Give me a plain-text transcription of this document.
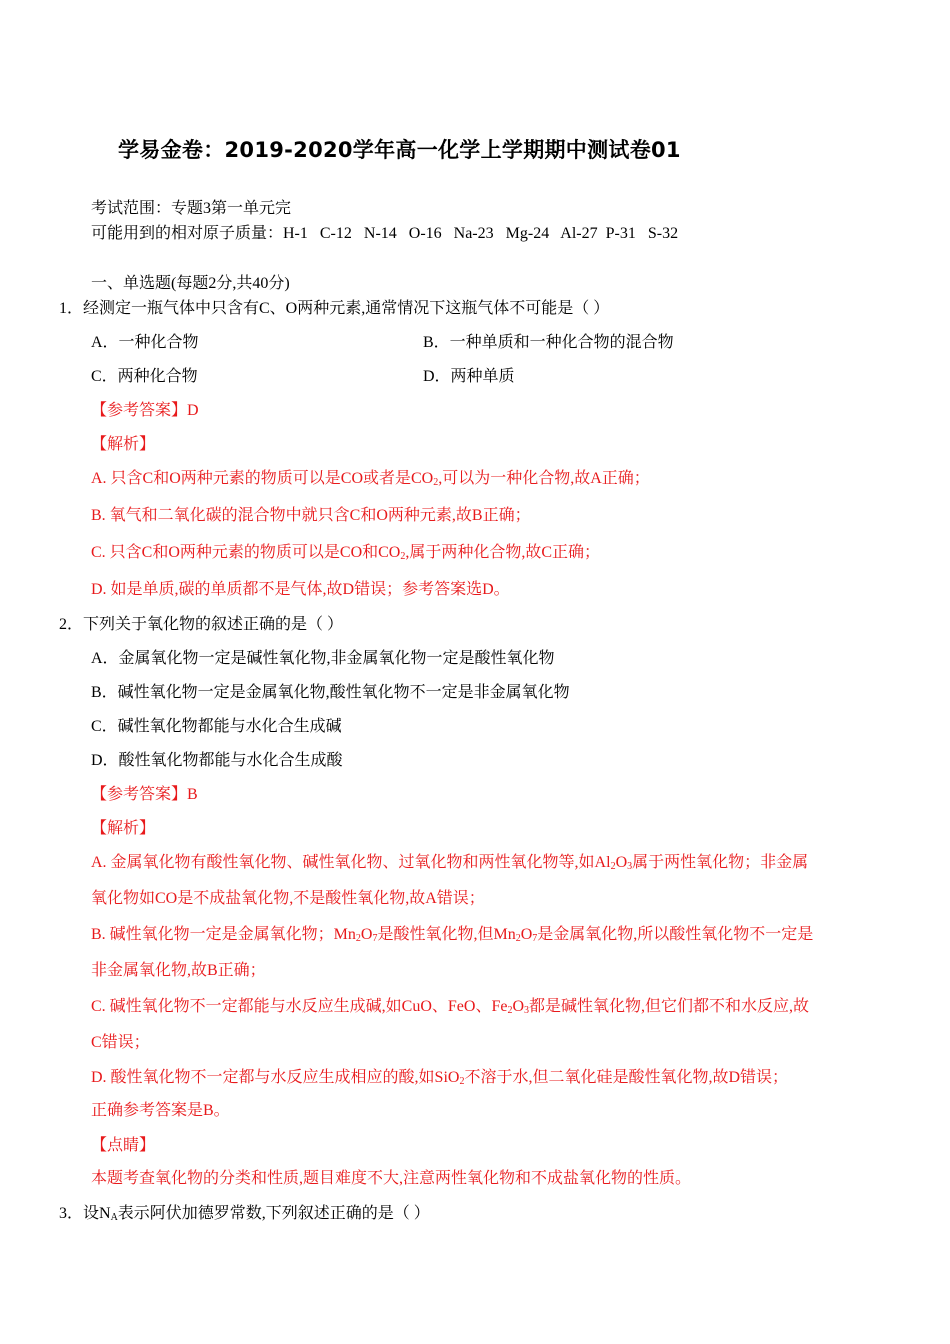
学易金卷：2019-2020学年高一化学上学期期中测试卷01
考试范围：专题3第一单元完
可能用到的相对原子质量：H-1   C-12   N-14   O-16   Na-23   Mg-24   Al-27  P-31   S-32
一、单选题(每题2分,共40分)
1．经测定一瓶气体中只含有C、O两种元素,通常情况下这瓶气体不可能是（ ）
A．一种化合物	B．一种单质和一种化合物的混合物
C．两种化合物	D．两种单质
【参考答案】D
【解析】
A. 只含C和O两种元素的物质可以是CO或者是$CO_2$,可以为一种化合物,故A正确；
B. 氧气和二氧化碳的混合物中就只含C和O两种元素,故B正确；
C. 只含C和O两种元素的物质可以是CO和$CO_2$,属于两种化合物,故C正确；
D. 如是单质,碳的单质都不是气体,故D错误；参考答案选D。
2．下列关于氧化物的叙述正确的是（ ）
A．金属氧化物一定是碱性氧化物,非金属氧化物一定是酸性氧化物
B．碱性氧化物一定是金属氧化物,酸性氧化物不一定是非金属氧化物
C．碱性氧化物都能与水化合生成碱
D．酸性氧化物都能与水化合生成酸
【参考答案】B
【解析】
A. 金属氧化物有酸性氧化物、碱性氧化物、过氧化物和两性氧化物等,如$Al_2O_3$属于两性氧化物；非金属
氧化物如CO是不成盐氧化物,不是酸性氧化物,故A错误；
B. 碱性氧化物一定是金属氧化物；$Mn_2O_7$是酸性氧化物,但$Mn_2O_7$是金属氧化物,所以酸性氧化物不一定是
非金属氧化物,故B正确；
C. 碱性氧化物不一定都能与水反应生成碱,如CuO、FeO、$Fe_2O_3$都是碱性氧化物,但它们都不和水反应,故
C错误；
D. 酸性氧化物不一定都与水反应生成相应的酸,如SiO$_2$不溶于水,但二氧化硅是酸性氧化物,故D错误；
正确参考答案是B。
【点睛】
本题考查氧化物的分类和性质,题目难度不大,注意两性氧化物和不成盐氧化物的性质。
3．设$N_A$表示阿伏加德罗常数,下列叙述正确的是（ ）
